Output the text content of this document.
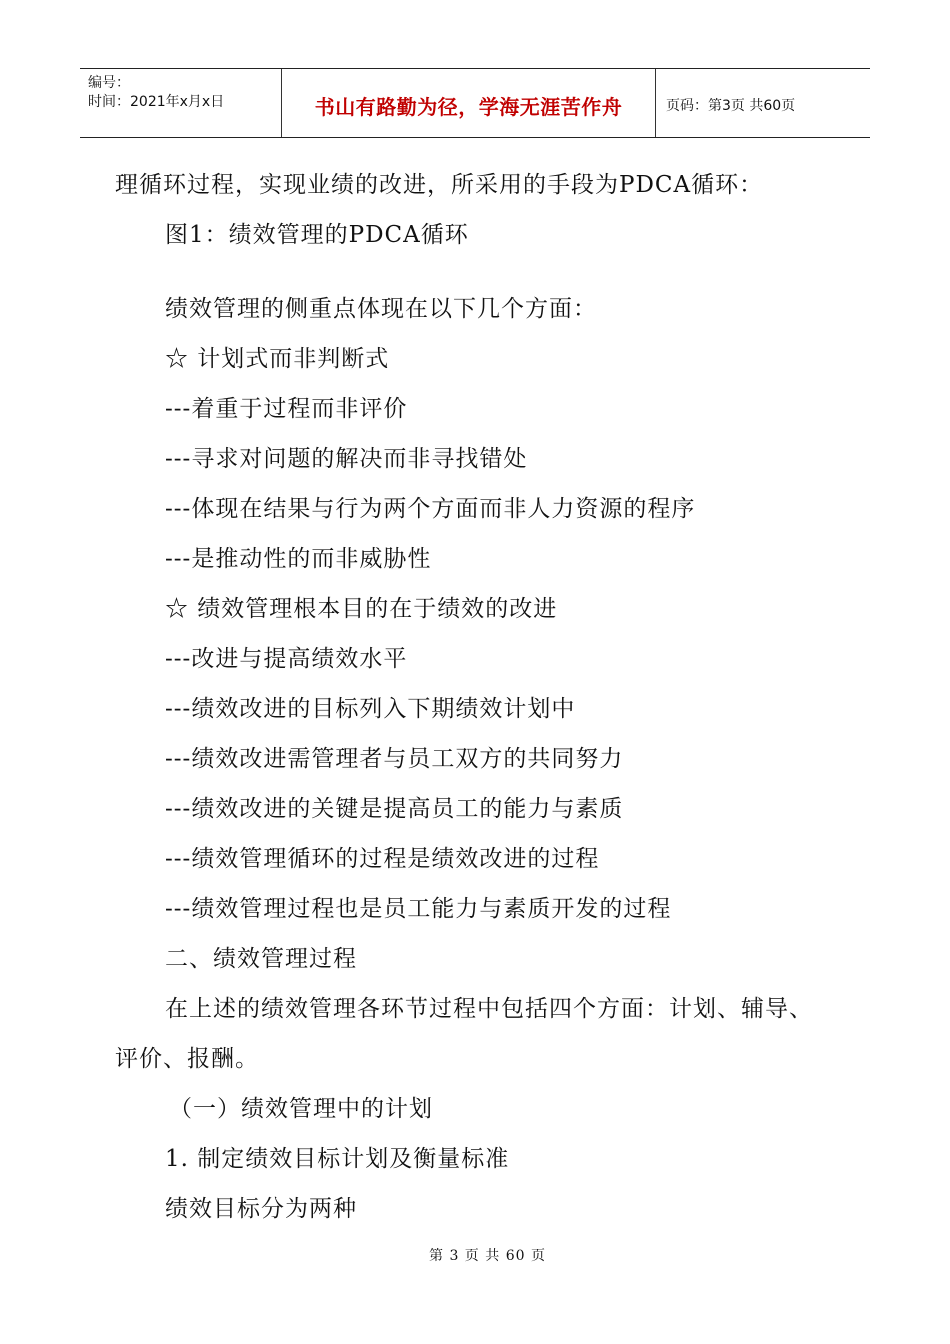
编号：
时间：2021年x月x日	书山有路勤为径，学海无涯苦作舟	页码：第3页 共60页
理循环过程，实现业绩的改进，所采用的手段为PDCA循环：
图1：绩效管理的PDCA循环
绩效管理的侧重点体现在以下几个方面：
☆ 计划式而非判断式
---着重于过程而非评价
---寻求对问题的解决而非寻找错处
---体现在结果与行为两个方面而非人力资源的程序
---是推动性的而非威胁性
☆ 绩效管理根本目的在于绩效的改进
---改进与提高绩效水平
---绩效改进的目标列入下期绩效计划中
---绩效改进需管理者与员工双方的共同努力
---绩效改进的关键是提高员工的能力与素质
---绩效管理循环的过程是绩效改进的过程
---绩效管理过程也是员工能力与素质开发的过程
二、绩效管理过程
在上述的绩效管理各环节过程中包括四个方面：计划、辅导、
评价、报酬。
（一）绩效管理中的计划
1. 制定绩效目标计划及衡量标准
绩效目标分为两种
第 3 页 共 60 页
